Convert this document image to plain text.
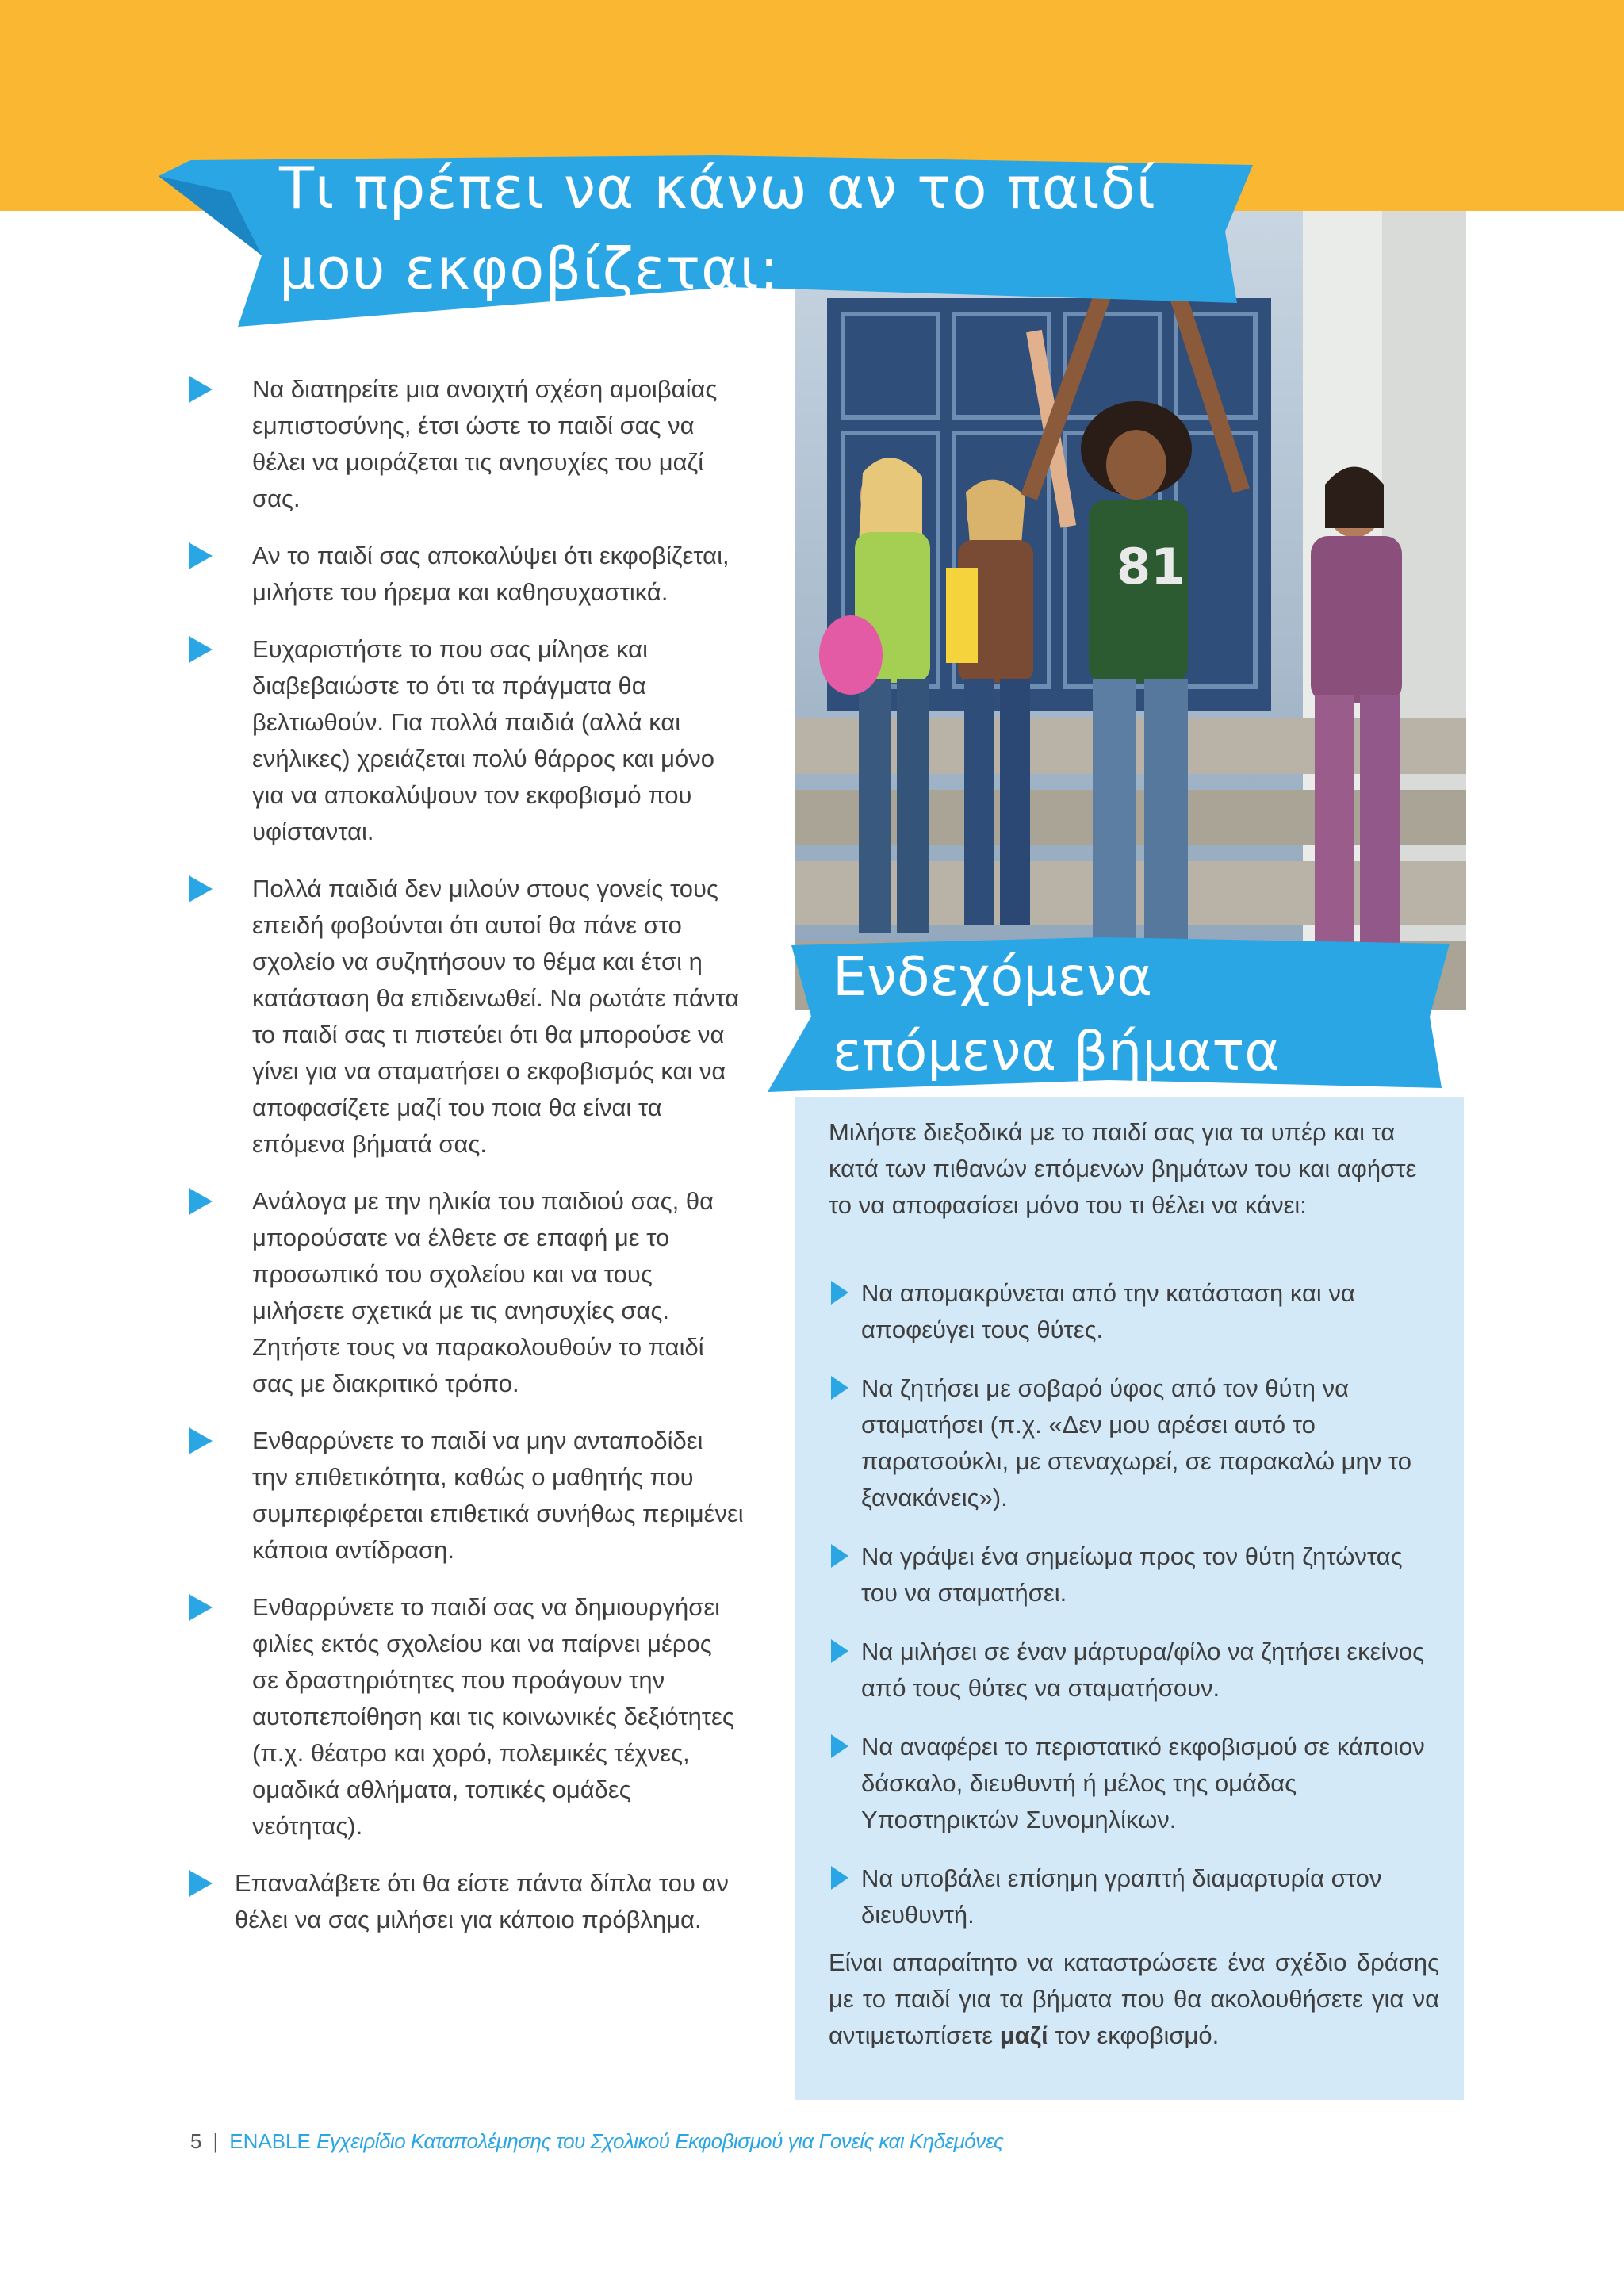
81
Τι πρέπει να κάνω αν το παιδί
μου εκφοβίζεται;
Να διατηρείτε μια ανοιχτή σχέση αμοιβαίας εμπιστοσύνης, έτσι ώστε το παιδί σας να θέλει να μοιράζεται τις ανησυχίες του μαζί σας.
Αν το παιδί σας αποκαλύψει ότι εκφοβίζεται, μιλήστε του ήρεμα και καθησυχαστικά.
Ευχαριστήστε το που σας μίλησε και διαβεβαιώστε το ότι τα πράγματα θα βελτιωθούν. Για πολλά παιδιά (αλλά και ενήλικες) χρειάζεται πολύ θάρρος και μόνο για να αποκαλύψουν τον εκφοβισμό που υφίστανται.
Πολλά παιδιά δεν μιλούν στους γονείς τους επειδή φοβούνται ότι αυτοί θα πάνε στο σχολείο να συζητήσουν το θέμα και έτσι η κατάσταση θα επιδεινωθεί. Να ρωτάτε πάντα το παιδί σας τι πιστεύει ότι θα μπορούσε να γίνει για να σταματήσει ο εκφοβισμός και να αποφασίζετε μαζί του ποια θα είναι τα επόμενα βήματά σας.
Ανάλογα με την ηλικία του παιδιού σας, θα μπορούσατε να έλθετε σε επαφή με το προσωπικό του σχολείου και να τους μιλήσετε σχετικά με τις ανησυχίες σας. Ζητήστε τους να παρακολουθούν το παιδί σας με διακριτικό τρόπο.
Ενθαρρύνετε το παιδί να μην ανταποδίδει την επιθετικότητα, καθώς ο μαθητής που συμπεριφέρεται επιθετικά συνήθως περιμένει κάποια αντίδραση.
Ενθαρρύνετε το παιδί σας να δημιουργήσει φιλίες εκτός σχολείου και να παίρνει μέρος σε δραστηριότητες που προάγουν την αυτοπεποίθηση και τις κοινωνικές δεξιότητες (π.χ. θέατρο και χορό, πολεμικές τέχνες, ομαδικά αθλήματα, τοπικές ομάδες νεότητας).
Επαναλάβετε ότι θα είστε πάντα δίπλα του αν θέλει να σας μιλήσει για κάποιο πρόβλημα.
Ενδεχόμενα
επόμενα βήματα
Μιλήστε διεξοδικά με το παιδί σας για τα υπέρ και τα κατά των πιθανών επόμενων βημάτων του και αφήστε το να αποφασίσει μόνο του τι θέλει να κάνει:
Να απομακρύνεται από την κατάσταση και να αποφεύγει τους θύτες.
Να ζητήσει με σοβαρό ύφος από τον θύτη να σταματήσει (π.χ. «Δεν μου αρέσει αυτό το παρατσούκλι, με στεναχωρεί, σε παρακαλώ μην το ξανακάνεις»).
Να γράψει ένα σημείωμα προς τον θύτη ζητώντας του να σταματήσει.
Να μιλήσει σε έναν μάρτυρα/φίλο να ζητήσει εκείνος από τους θύτες να σταματήσουν.
Να αναφέρει το περιστατικό εκφοβισμού σε κάποιον δάσκαλο, διευθυντή ή μέλος της ομάδας Υποστηρικτών Συνομηλίκων.
Να υποβάλει επίσημη γραπτή διαμαρτυρία στον διευθυντή.
Είναι απαραίτητο να καταστρώσετε ένα σχέδιο δράσης με το παιδί για τα βήματα που θα ακολουθήσετε για να αντιμετωπίσετε μαζί τον εκφοβισμό.
5 | ENABLE Εγχειρίδιο Καταπολέμησης του Σχολικού Εκφοβισμού για Γονείς και Κηδεμόνες
